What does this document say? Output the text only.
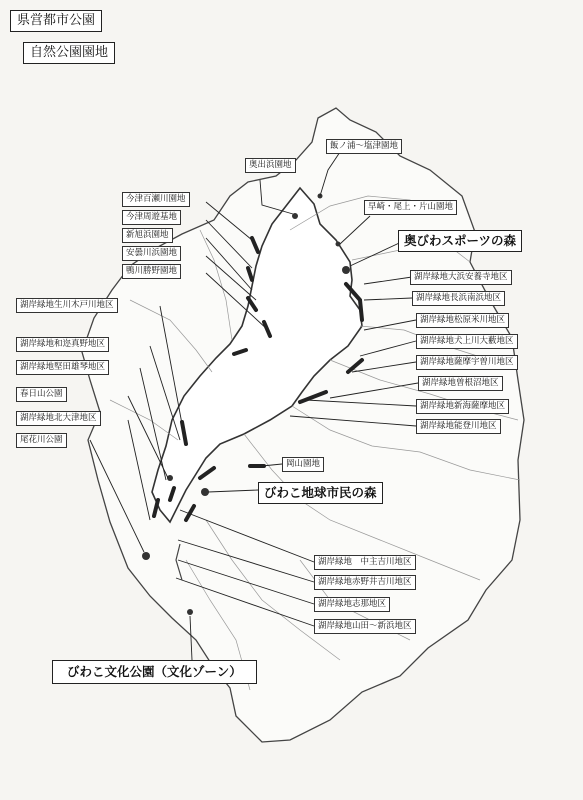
県営都市公園
自然公園園地
奥出浜園地
飯ノ浦～塩津園地
早崎・尾上・片山園地
奥びわスポーツの森
今津百瀬川園地
今津周遊基地
新旭浜園地
安曇川浜園地
鴨川勝野園地
湖岸緑地生川木戸川地区
湖岸緑地和迩真野地区
湖岸緑地堅田雄琴地区
春日山公園
湖岸緑地北大津地区
尾花川公園
湖岸緑地大浜安養寺地区
湖岸緑地長浜南浜地区
湖岸緑地松原米川地区
湖岸緑地犬上川大藪地区
湖岸緑地薩摩宇曽川地区
湖岸緑地曽根沼地区
湖岸緑地新海薩摩地区
湖岸緑地能登川地区
岡山園地
びわこ地球市民の森
湖岸緑地　中主吉川地区
湖岸緑地赤野井吉川地区
湖岸緑地志那地区
湖岸緑地山田～新浜地区
びわこ文化公園（文化ゾーン）
